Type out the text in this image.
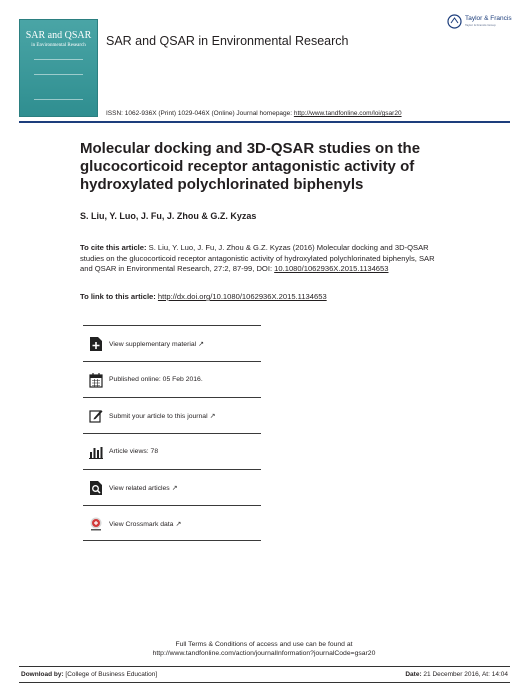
SAR and QSAR
in Environmental Research	SAR and QSAR in Environmental Research
Taylor & Francis
Taylor & Francis Group
ISSN: 1062-936X (Print) 1029-046X (Online) Journal homepage: http://www.tandfonline.com/loi/gsar20
Molecular docking and 3D-QSAR studies on the glucocorticoid receptor antagonistic activity of hydroxylated polychlorinated biphenyls
S. Liu, Y. Luo, J. Fu, J. Zhou & G.Z. Kyzas
To cite this article: S. Liu, Y. Luo, J. Fu, J. Zhou & G.Z. Kyzas (2016) Molecular docking and 3D-QSAR studies on the glucocorticoid receptor antagonistic activity of hydroxylated polychlorinated biphenyls, SAR and QSAR in Environmental Research, 27:2, 87-99, DOI: 10.1080/1062936X.2015.1134653
To link to this article: http://dx.doi.org/10.1080/1062936X.2015.1134653
View supplementary material ↗
Published online: 05 Feb 2016.
Submit your article to this journal ↗
Article views: 78
View related articles ↗
View Crossmark data ↗
Full Terms & Conditions of access and use can be found at
http://www.tandfonline.com/action/journalInformation?journalCode=gsar20
Download by: [College of Business Education]	Date: 21 December 2016, At: 14:04
